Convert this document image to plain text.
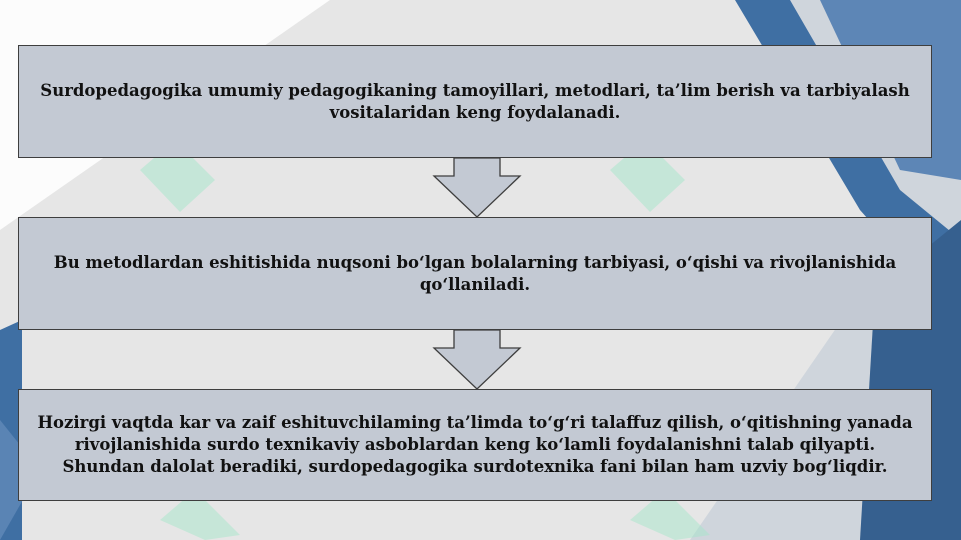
Surdopedagogika umumiy pedagogikaning tamoyillari, metodlari, ta’lim berish va tarbiyalash vositalaridan keng foydalanadi.
Bu metodlardan eshitishida nuqsoni bo‘lgan bolalarning tarbiyasi, o‘qishi va rivojlanishida qo‘llaniladi.
Hozirgi vaqtda kar va zaif eshituvchilaming ta’limda to‘g‘ri talaffuz qilish, o‘qitishning yanada rivojlanishida surdo texnikaviy asboblardan keng ko‘lamli foydalanishni talab qilyapti. Shundan dalolat beradiki, surdopedagogika surdotexnika fani bilan ham uzviy bog‘liqdir.
